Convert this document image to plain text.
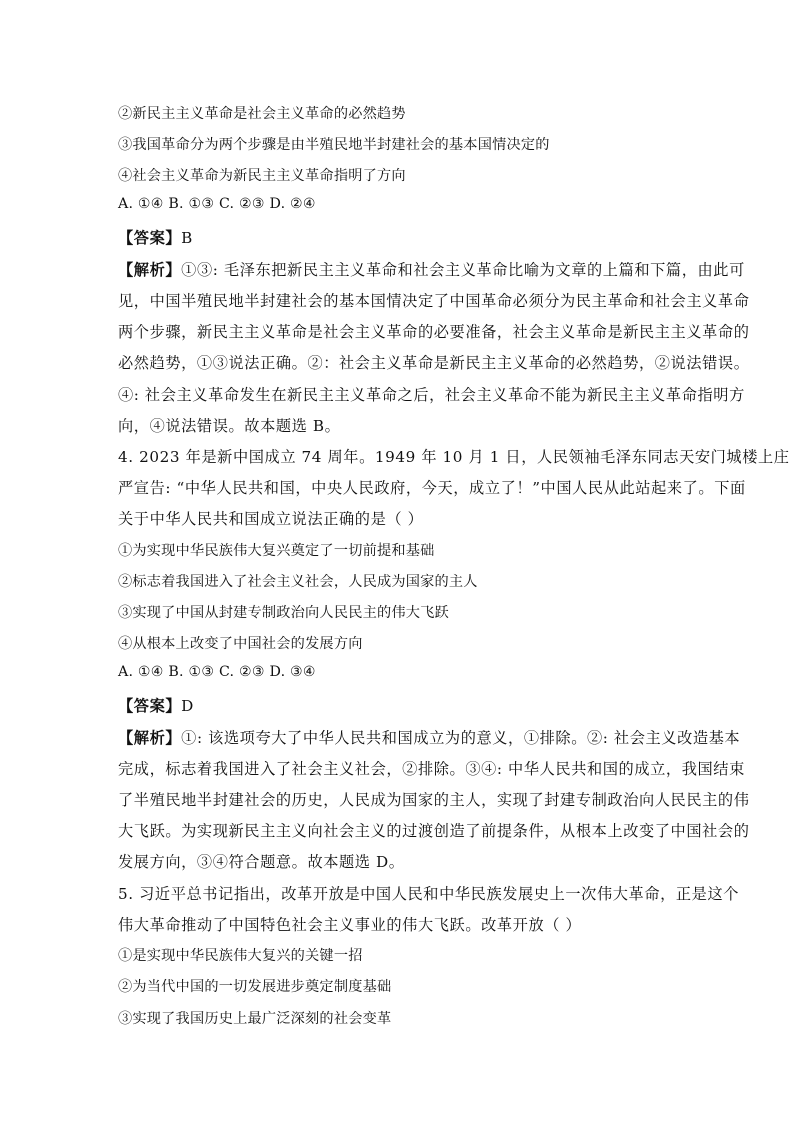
②新民主主义革命是社会主义革命的必然趋势
③我国革命分为两个步骤是由半殖民地半封建社会的基本国情决定的
④社会主义革命为新民主主义革命指明了方向
A. ①④ B. ①③ C. ②③ D. ②④
【答案】B
【解析】①③: 毛泽东把新民主主义革命和社会主义革命比喻为文章的上篇和下篇，由此可
见，中国半殖民地半封建社会的基本国情决定了中国革命必须分为民主革命和社会主义革命
两个步骤，新民主主义革命是社会主义革命的必要准备，社会主义革命是新民主主义革命的
必然趋势，①③说法正确。②：社会主义革命是新民主主义革命的必然趋势，②说法错误。
④: 社会主义革命发生在新民主主义革命之后，社会主义革命不能为新民主主义革命指明方
向，④说法错误。故本题选 B。
4. 2023 年是新中国成立 74 周年。1949 年 10 月 1 日，人民领袖毛泽东同志天安门城楼上庄
严宣告: “中华人民共和国，中央人民政府，今天，成立了！”中国人民从此站起来了。下面
关于中华人民共和国成立说法正确的是（ ）
①为实现中华民族伟大复兴奠定了一切前提和基础
②标志着我国进入了社会主义社会，人民成为国家的主人
③实现了中国从封建专制政治向人民民主的伟大飞跃
④从根本上改变了中国社会的发展方向
A. ①④ B. ①③ C. ②③ D. ③④
【答案】D
【解析】①: 该选项夸大了中华人民共和国成立为的意义，①排除。②: 社会主义改造基本
完成，标志着我国进入了社会主义社会，②排除。③④: 中华人民共和国的成立，我国结束
了半殖民地半封建社会的历史，人民成为国家的主人，实现了封建专制政治向人民民主的伟
大飞跃。为实现新民主主义向社会主义的过渡创造了前提条件，从根本上改变了中国社会的
发展方向，③④符合题意。故本题选 D。
5. 习近平总书记指出，改革开放是中国人民和中华民族发展史上一次伟大革命，正是这个
伟大革命推动了中国特色社会主义事业的伟大飞跃。改革开放（ ）
①是实现中华民族伟大复兴的关键一招
②为当代中国的一切发展进步奠定制度基础
③实现了我国历史上最广泛深刻的社会变革
